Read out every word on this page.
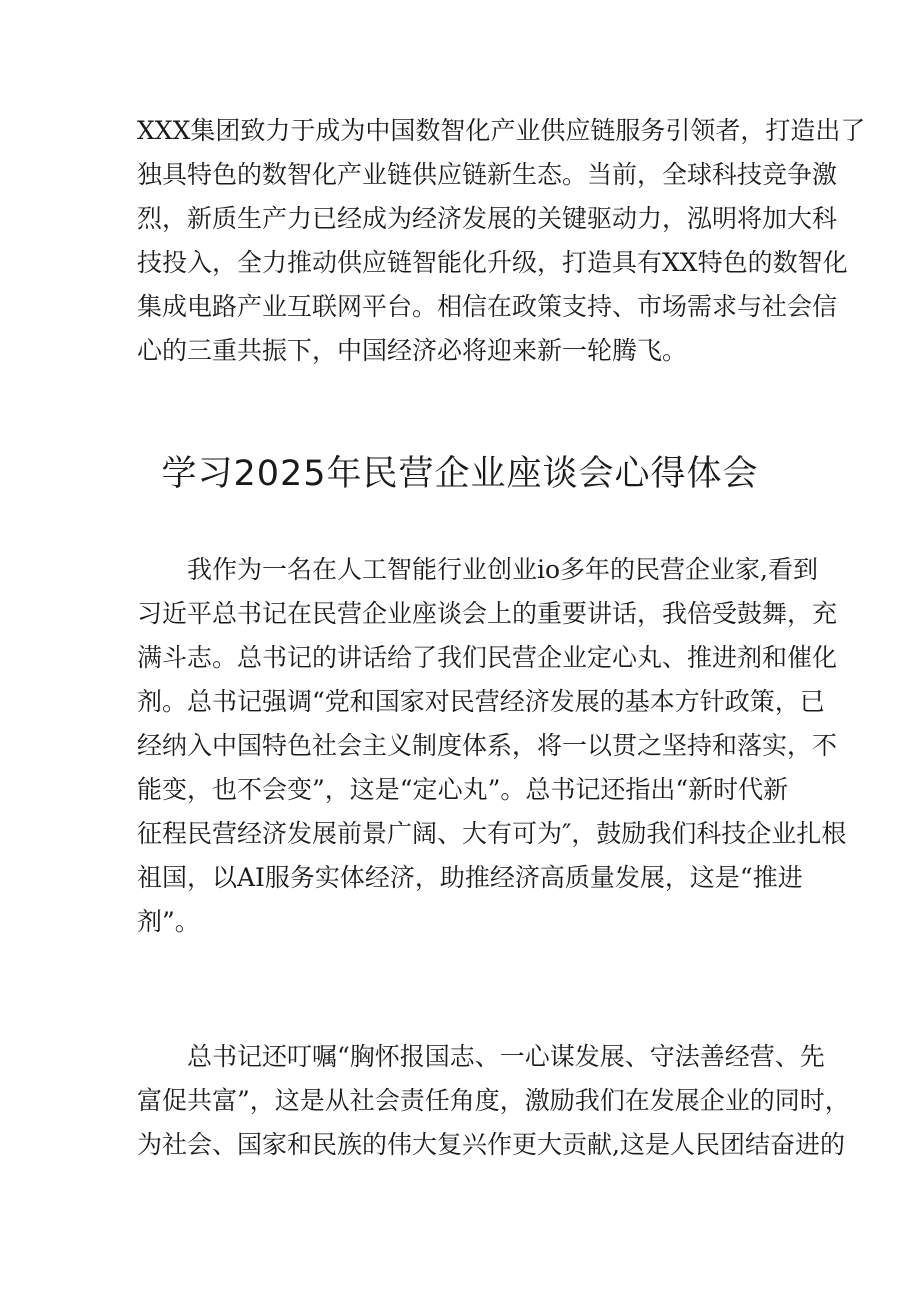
XXX集团致力于成为中国数智化产业供应链服务引领者，打造出了
独具特色的数智化产业链供应链新生态。当前，全球科技竞争激
烈，新质生产力已经成为经济发展的关键驱动力，泓明将加大科
技投入，全力推动供应链智能化升级，打造具有XX特色的数智化
集成电路产业互联网平台。相信在政策支持、市场需求与社会信
心的三重共振下，中国经济必将迎来新一轮腾飞。
学习2025年民营企业座谈会心得体会
我作为一名在人工智能行业创业io多年的民营企业家,看到
习近平总书记在民营企业座谈会上的重要讲话，我倍受鼓舞，充
满斗志。总书记的讲话给了我们民营企业定心丸、推进剂和催化
剂。总书记强调“党和国家对民营经济发展的基本方针政策，已
经纳入中国特色社会主义制度体系，将一以贯之坚持和落实，不
能变，也不会变”，这是“定心丸”。总书记还指出“新时代新
征程民营经济发展前景广阔、大有可为″，鼓励我们科技企业扎根
祖国，以AI服务实体经济，助推经济高质量发展，这是“推进
剂”。
总书记还叮嘱“胸怀报国志、一心谋发展、守法善经营、先
富促共富”，这是从社会责任角度，激励我们在发展企业的同时，
为社会、国家和民族的伟大复兴作更大贡献,这是人民团结奋进的
